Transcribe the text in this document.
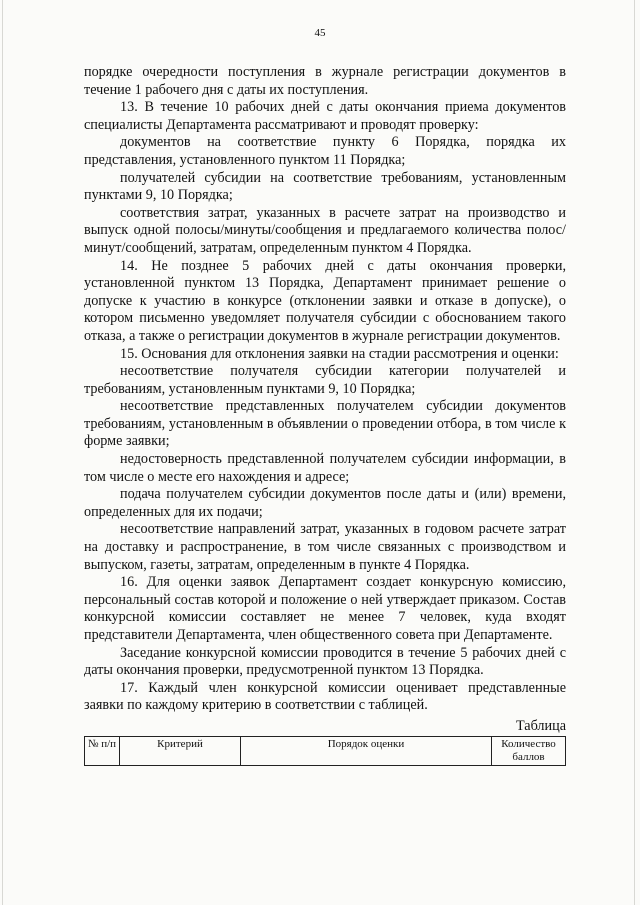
45

порядке очередности поступления в журнале регистрации документов в течение 1 рабочего дня с даты их поступления.

13. В течение 10 рабочих дней с даты окончания приема документов специалисты Департамента рассматривают и проводят проверку:

документов на соответствие пункту 6 Порядка, порядка их представления, установленного пунктом 11 Порядка;

получателей субсидии на соответствие требованиям, установленным пунктами 9, 10 Порядка;

соответствия затрат, указанных в расчете затрат на производство и выпуск одной полосы/минуты/сообщения и предлагаемого количества полос/минут/сообщений, затратам, определенным пунктом 4 Порядка.

14. Не позднее 5 рабочих дней с даты окончания проверки, установленной пунктом 13 Порядка, Департамент принимает решение о допуске к участию в конкурсе (отклонении заявки и отказе в допуске), о котором письменно уведомляет получателя субсидии с обоснованием такого отказа, а также о регистрации документов в журнале регистрации документов.

15. Основания для отклонения заявки на стадии рассмотрения и оценки:

несоответствие получателя субсидии категории получателей и требованиям, установленным пунктами 9, 10 Порядка;

несоответствие представленных получателем субсидии документов требованиям, установленным в объявлении о проведении отбора, в том числе к форме заявки;

недостоверность представленной получателем субсидии информации, в том числе о месте его нахождения и адресе;

подача получателем субсидии документов после даты и (или) времени, определенных для их подачи;

несоответствие направлений затрат, указанных в годовом расчете затрат на доставку и распространение, в том числе связанных с производством и выпуском, газеты, затратам, определенным в пункте 4 Порядка.

16. Для оценки заявок Департамент создает конкурсную комиссию, персональный состав которой и положение о ней утверждает приказом. Состав конкурсной комиссии составляет не менее 7 человек, куда входят представители Департамента, член общественного совета при Департаменте.

Заседание конкурсной комиссии проводится в течение 5 рабочих дней с даты окончания проверки, предусмотренной пунктом 13 Порядка.

17. Каждый член конкурсной комиссии оценивает представленные заявки по каждому критерию в соответствии с таблицей.

Таблица
№ п/п	Критерий	Порядок оценки	Количество баллов
